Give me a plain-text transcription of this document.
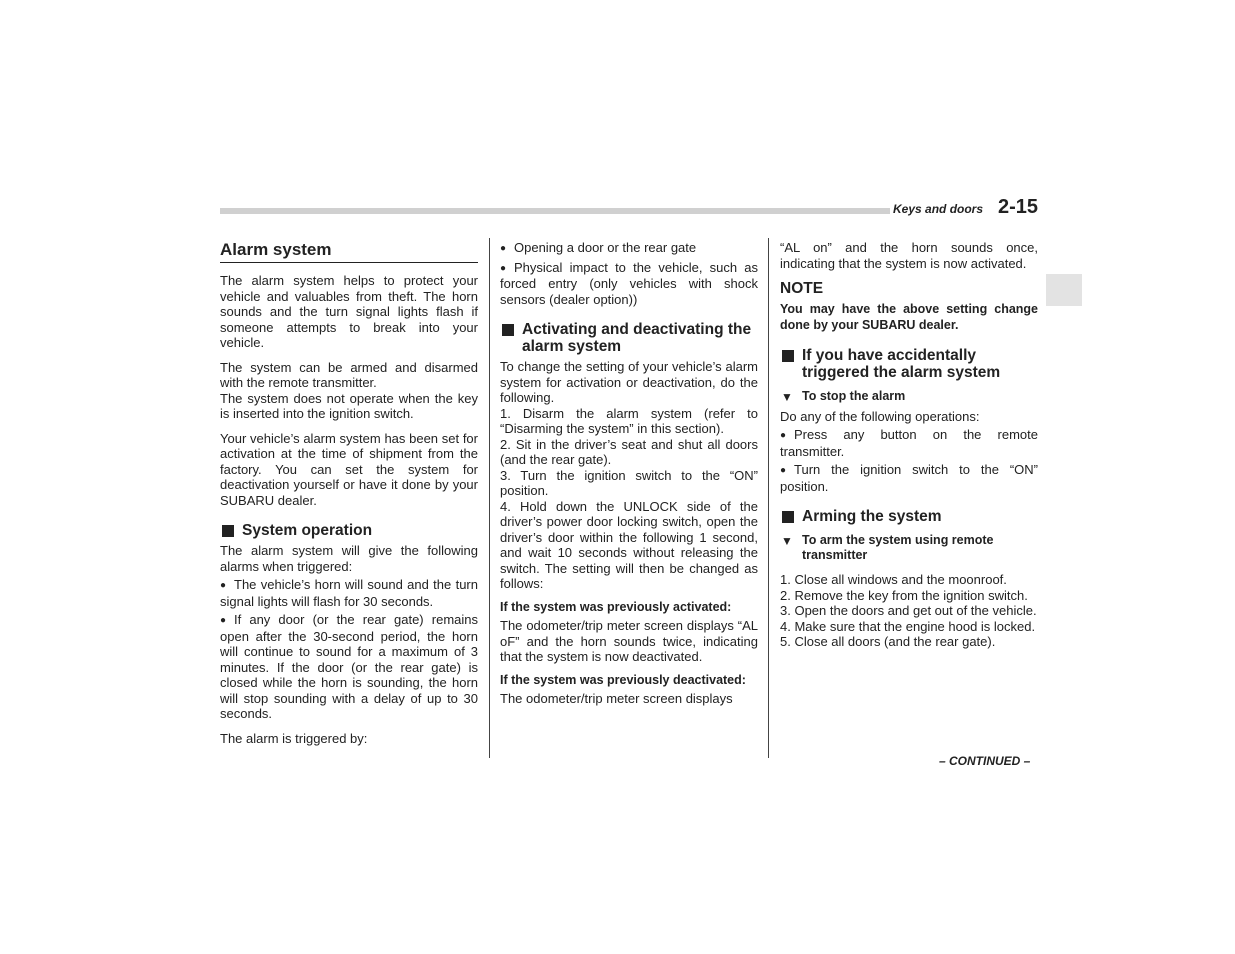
Keys and doors 2-15
Alarm system

The alarm system helps to protect your vehicle and valuables from theft. The horn sounds and the turn signal lights flash if someone attempts to break into your vehicle.

The system can be armed and disarmed with the remote transmitter.

The system does not operate when the key is inserted into the ignition switch.

Your vehicle’s alarm system has been set for activation at the time of shipment from the factory. You can set the system for deactivation yourself or have it done by your SUBARU dealer.

System operation

The alarm system will give the following alarms when triggered:

● The vehicle’s horn will sound and the turn signal lights will flash for 30 seconds.

● If any door (or the rear gate) remains open after the 30-second period, the horn will continue to sound for a maximum of 3 minutes. If the door (or the rear gate) is closed while the horn is sounding, the horn will stop sounding with a delay of up to 30 seconds.

The alarm is triggered by:

● Opening a door or the rear gate

● Physical impact to the vehicle, such as forced entry (only vehicles with shock sensors (dealer option))

Activating and deactivating the alarm system

To change the setting of your vehicle’s alarm system for activation or deactivation, do the following.

1. Disarm the alarm system (refer to “Disarming the system” in this section).

2. Sit in the driver’s seat and shut all doors (and the rear gate).

3. Turn the ignition switch to the “ON” position.

4. Hold down the UNLOCK side of the driver’s power door locking switch, open the driver’s door within the following 1 second, and wait 10 seconds without releasing the switch. The setting will then be changed as follows:

If the system was previously activated:

The odometer/trip meter screen displays “AL oF” and the horn sounds twice, indicating that the system is now deactivated.

If the system was previously deactivated:

The odometer/trip meter screen displays

“AL on” and the horn sounds once, indicating that the system is now activated.

NOTE

You may have the above setting change done by your SUBARU dealer.

If you have accidentally triggered the alarm system
▼ To stop the alarm

Do any of the following operations:

● Press any button on the remote transmitter.

● Turn the ignition switch to the “ON” position.

Arming the system
▼ To arm the system using remote transmitter

1. Close all windows and the moonroof.

2. Remove the key from the ignition switch.

3. Open the doors and get out of the vehicle.

4. Make sure that the engine hood is locked.

5. Close all doors (and the rear gate).

– CONTINUED –
